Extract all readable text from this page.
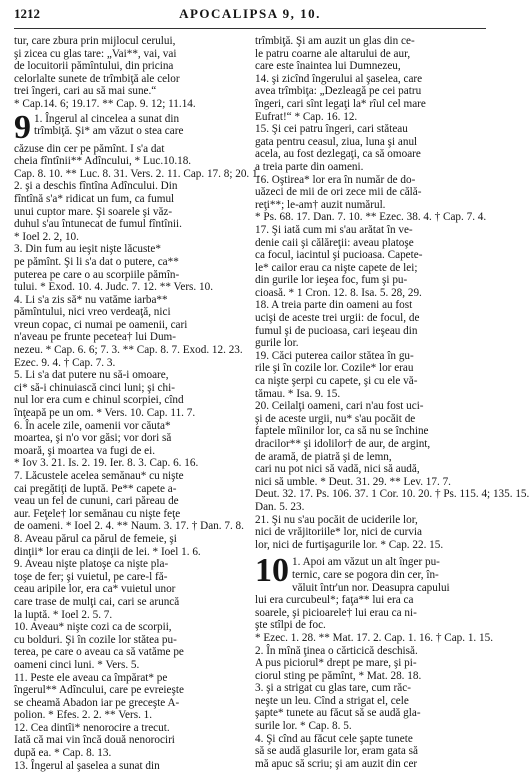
1212	APOCALIPSA 9, 10.
tur, care zbura prin mijlocul cerului,
şi zicea cu glas tare: „Vai**, vai, vai
de locuitorii pămîntului, din pricina
celorlalte sunete de trîmbiţă ale celor
trei îngeri, cari au să mai sune.“
* Cap.14. 6; 19.17. ** Cap. 9. 12; 11.14.
9 1. Îngerul al cincelea a sunat din
trîmbiţă. Şi* am văzut o stea care
căzuse din cer pe pămînt. I s'a dat
cheia fîntînii** Adîncului, * Luc.10.18.
Cap. 8. 10. ** Luc. 8. 31. Vers. 2. 11. Cap. 17. 8; 20. 1.
2. şi a deschis fîntîna Adîncului. Din
fîntînă s'a* ridicat un fum, ca fumul
unui cuptor mare. Şi soarele şi văz-
duhul s'au întunecat de fumul fîntînii.
* Ioel 2. 2, 10.
3. Din fum au ieşit nişte lăcuste*
pe pămînt. Şi li s'a dat o putere, ca**
puterea pe care o au scorpiile pămîn-
tului. * Exod. 10. 4. Judc. 7. 12. ** Vers. 10.
4. Li s'a zis să* nu vatăme iarba**
pămîntului, nici vreo verdeaţă, nici
vreun copac, ci numai pe oamenii, cari
n'aveau pe frunte pecetea† lui Dum-
nezeu. * Cap. 6. 6; 7. 3. ** Cap. 8. 7. Exod. 12. 23.
Ezec. 9. 4. † Cap. 7. 3.
5. Li s'a dat putere nu să-i omoare,
ci* să-i chinuiască cinci luni; şi chi-
nul lor era cum e chinul scorpiei, cînd
înţeapă pe un om. * Vers. 10. Cap. 11. 7.
6. În acele zile, oamenii vor căuta*
moartea, şi n'o vor găsi; vor dori să
moară, şi moartea va fugi de ei.
* Iov 3. 21. Is. 2. 19. Ier. 8. 3. Cap. 6. 16.
7. Lăcustele acelea semănau* cu nişte
cai pregătiţi de luptă. Pe** capete a-
veau un fel de cununi, cari păreau de
aur. Feţele† lor semănau cu nişte feţe
de oameni. * Ioel 2. 4. ** Naum. 3. 17. † Dan. 7. 8.
8. Aveau părul ca părul de femeie, şi
dinţii* lor erau ca dinţii de lei. * Ioel 1. 6.
9. Aveau nişte platoşe ca nişte pla-
toşe de fer; şi vuietul, pe care-l fă-
ceau aripile lor, era ca* vuietul unor
care trase de mulţi cai, cari se aruncă
la luptă. * Ioel 2. 5. 7.
10. Aveau* nişte cozi ca de scorpii,
cu bolduri. Şi în cozile lor stătea pu-
terea, pe care o aveau ca să vatăme pe
oameni cinci luni. * Vers. 5.
11. Peste ele aveau ca împărat* pe
îngerul** Adîncului, care pe evreieşte
se cheamă Abadon iar pe greceşte A-
polion. * Efes. 2. 2. ** Vers. 1.
12. Cea dintîi* nenorocire a trecut.
Iată că mai vin încă două nenorociri
după ea. * Cap. 8. 13.
13. Îngerul al şaselea a sunat din
trîmbiţă. Şi am auzit un glas din ce-
le patru coarne ale altarului de aur,
care este înaintea lui Dumnezeu,
14. şi zicînd îngerului al şaselea, care
avea trîmbiţa: „Dezleagă pe cei patru
îngeri, cari sînt legaţi la* rîul cel mare
Eufrat!“ * Cap. 16. 12.
15. Şi cei patru îngeri, cari stăteau
gata pentru ceasul, ziua, luna şi anul
acela, au fost dezlegaţi, ca să omoare
a treia parte din oameni.
16. Oştirea* lor era în număr de do-
uăzeci de mii de ori zece mii de călă-
reţi**; le-am† auzit numărul.
* Ps. 68. 17. Dan. 7. 10. ** Ezec. 38. 4. † Cap. 7. 4.
17. Şi iată cum mi s'au arătat în ve-
denie caii şi călăreţii: aveau platoşe
ca focul, iacintul şi pucioasa. Capete-
le* cailor erau ca nişte capete de lei;
din gurile lor ieşea foc, fum şi pu-
cioasă. * 1 Cron. 12. 8. Isa. 5. 28, 29.
18. A treia parte din oameni au fost
ucişi de aceste trei urgii: de focul, de
fumul şi de pucioasa, cari ieşeau din
gurile lor.
19. Căci puterea cailor stătea în gu-
rile şi în cozile lor. Cozile* lor erau
ca nişte şerpi cu capete, şi cu ele vă-
tămau. * Isa. 9. 15.
20. Ceilalţi oameni, cari n'au fost uci-
şi de aceste urgii, nu* s'au pocăit de
faptele mîinilor lor, ca să nu se închine
dracilor** şi idolilor† de aur, de argint,
de aramă, de piatră şi de lemn,
cari nu pot nici să vadă, nici să audă,
nici să umble. * Deut. 31. 29. ** Lev. 17. 7.
Deut. 32. 17. Ps. 106. 37. 1 Cor. 10. 20. † Ps. 115. 4; 135. 15.
Dan. 5. 23.
21. Şi nu s'au pocăit de uciderile lor,
nici de vrăjitoriile* lor, nici de curvia
lor, nici de furtişagurile lor. * Cap. 22. 15.
10 1. Apoi am văzut un alt înger pu-
ternic, care se pogora din cer, în-
văluit într'un nor. Deasupra capului
lui era curcubeul*; faţa** lui era ca
soarele, şi picioarele† lui erau ca ni-
şte stîlpi de foc.
* Ezec. 1. 28. ** Mat. 17. 2. Cap. 1. 16. † Cap. 1. 15.
2. În mînă ţinea o cărticică deschisă.
A pus piciorul* drept pe mare, şi pi-
ciorul sting pe pămînt, * Mat. 28. 18.
3. şi a strigat cu glas tare, cum răc-
neşte un leu. Cînd a strigat el, cele
şapte* tunete au făcut să se audă gla-
surile lor. * Cap. 8. 5.
4. Şi cînd au făcut cele şapte tunete
să se audă glasurile lor, eram gata să
mă apuc să scriu; şi am auzit din cer
